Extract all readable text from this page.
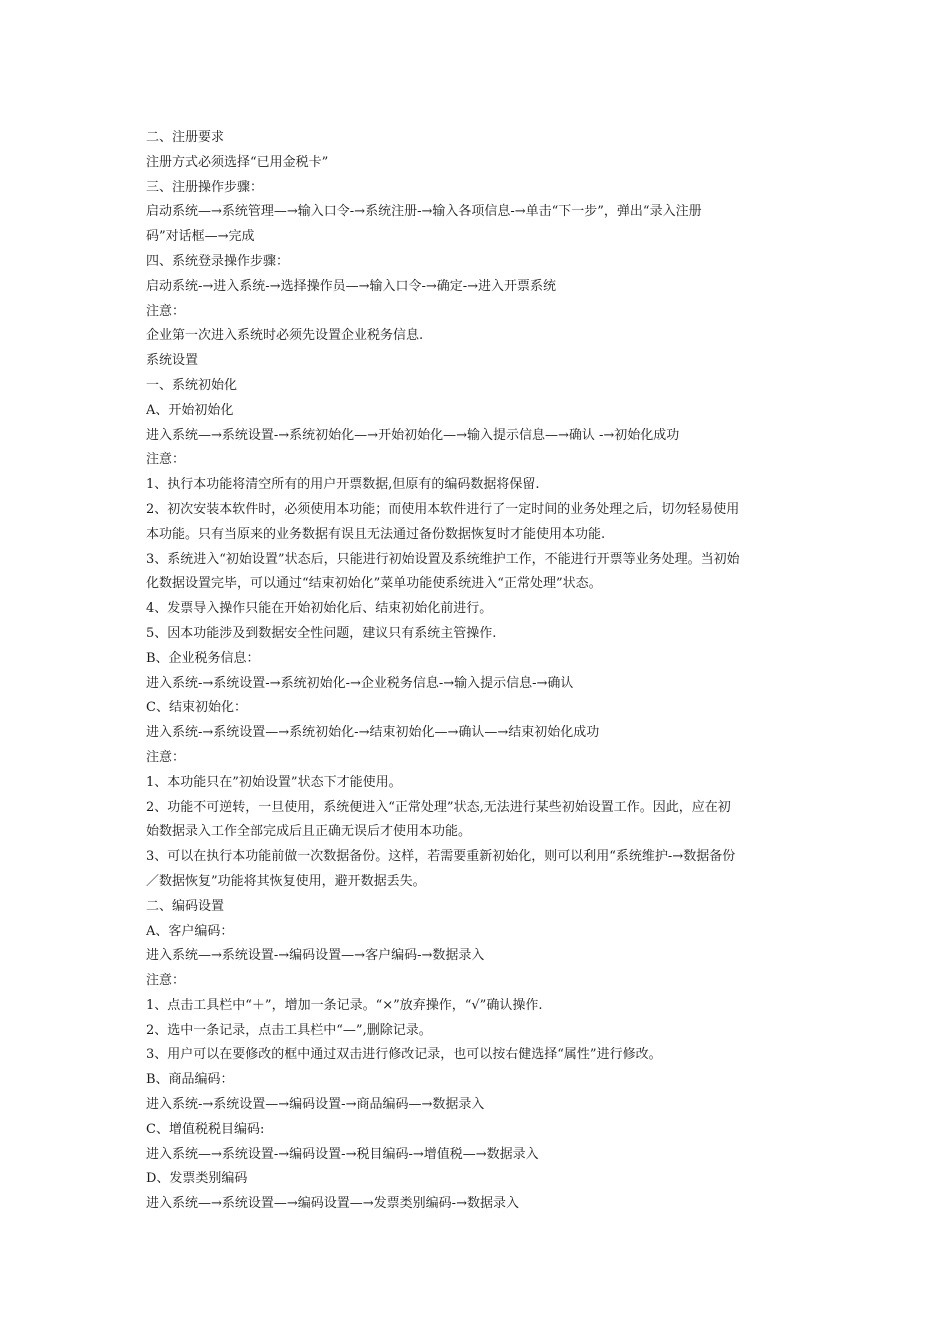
二、注册要求
注册方式必须选择“已用金税卡”
三、注册操作步骤：
启动系统—→系统管理—→输入口令-→系统注册-→输入各项信息-→单击“下一步”，弹出“录入注册
码”对话框—→完成
四、系统登录操作步骤：
启动系统-→进入系统-→选择操作员—→输入口令-→确定-→进入开票系统
注意：
企业第一次进入系统时必须先设置企业税务信息.
系统设置
一、系统初始化
A、开始初始化
进入系统—→系统设置-→系统初始化—→开始初始化—→输入提示信息—→确认 -→初始化成功
注意：
1、执行本功能将清空所有的用户开票数据,但原有的编码数据将保留.
2、初次安装本软件时，必须使用本功能；而使用本软件进行了一定时间的业务处理之后，切勿轻易使用
本功能。只有当原来的业务数据有误且无法通过备份数据恢复时才能使用本功能.
3、系统进入“初始设置”状态后，只能进行初始设置及系统维护工作，不能进行开票等业务处理。当初始
化数据设置完毕，可以通过“结束初始化”菜单功能使系统进入“正常处理”状态。
4、发票导入操作只能在开始初始化后、结束初始化前进行。
5、因本功能涉及到数据安全性问题，建议只有系统主管操作.
B、企业税务信息：
进入系统-→系统设置-→系统初始化-→企业税务信息-→输入提示信息-→确认
C、结束初始化：
进入系统-→系统设置—→系统初始化-→结束初始化—→确认—→结束初始化成功
注意：
1、本功能只在”初始设置”状态下才能使用。
2、功能不可逆转，一旦使用，系统便进入“正常处理”状态,无法进行某些初始设置工作。因此，应在初
始数据录入工作全部完成后且正确无误后才使用本功能。
3、可以在执行本功能前做一次数据备份。这样，若需要重新初始化，则可以利用“系统维护-→数据备份
／数据恢复”功能将其恢复使用，避开数据丢失。
二、编码设置
A、客户编码：
进入系统—→系统设置-→编码设置—→客户编码-→数据录入
注意：
1、点击工具栏中“＋”，增加一条记录。“×”放弃操作，“√”确认操作.
2、选中一条记录，点击工具栏中“—”,删除记录。
3、用户可以在要修改的框中通过双击进行修改记录，也可以按右健选择“属性”进行修改。
B、商品编码：
进入系统-→系统设置—→编码设置-→商品编码—→数据录入
C、增值税税目编码:
进入系统—→系统设置-→编码设置-→税目编码-→增值税—→数据录入
D、发票类别编码
进入系统—→系统设置—→编码设置—→发票类别编码-→数据录入
